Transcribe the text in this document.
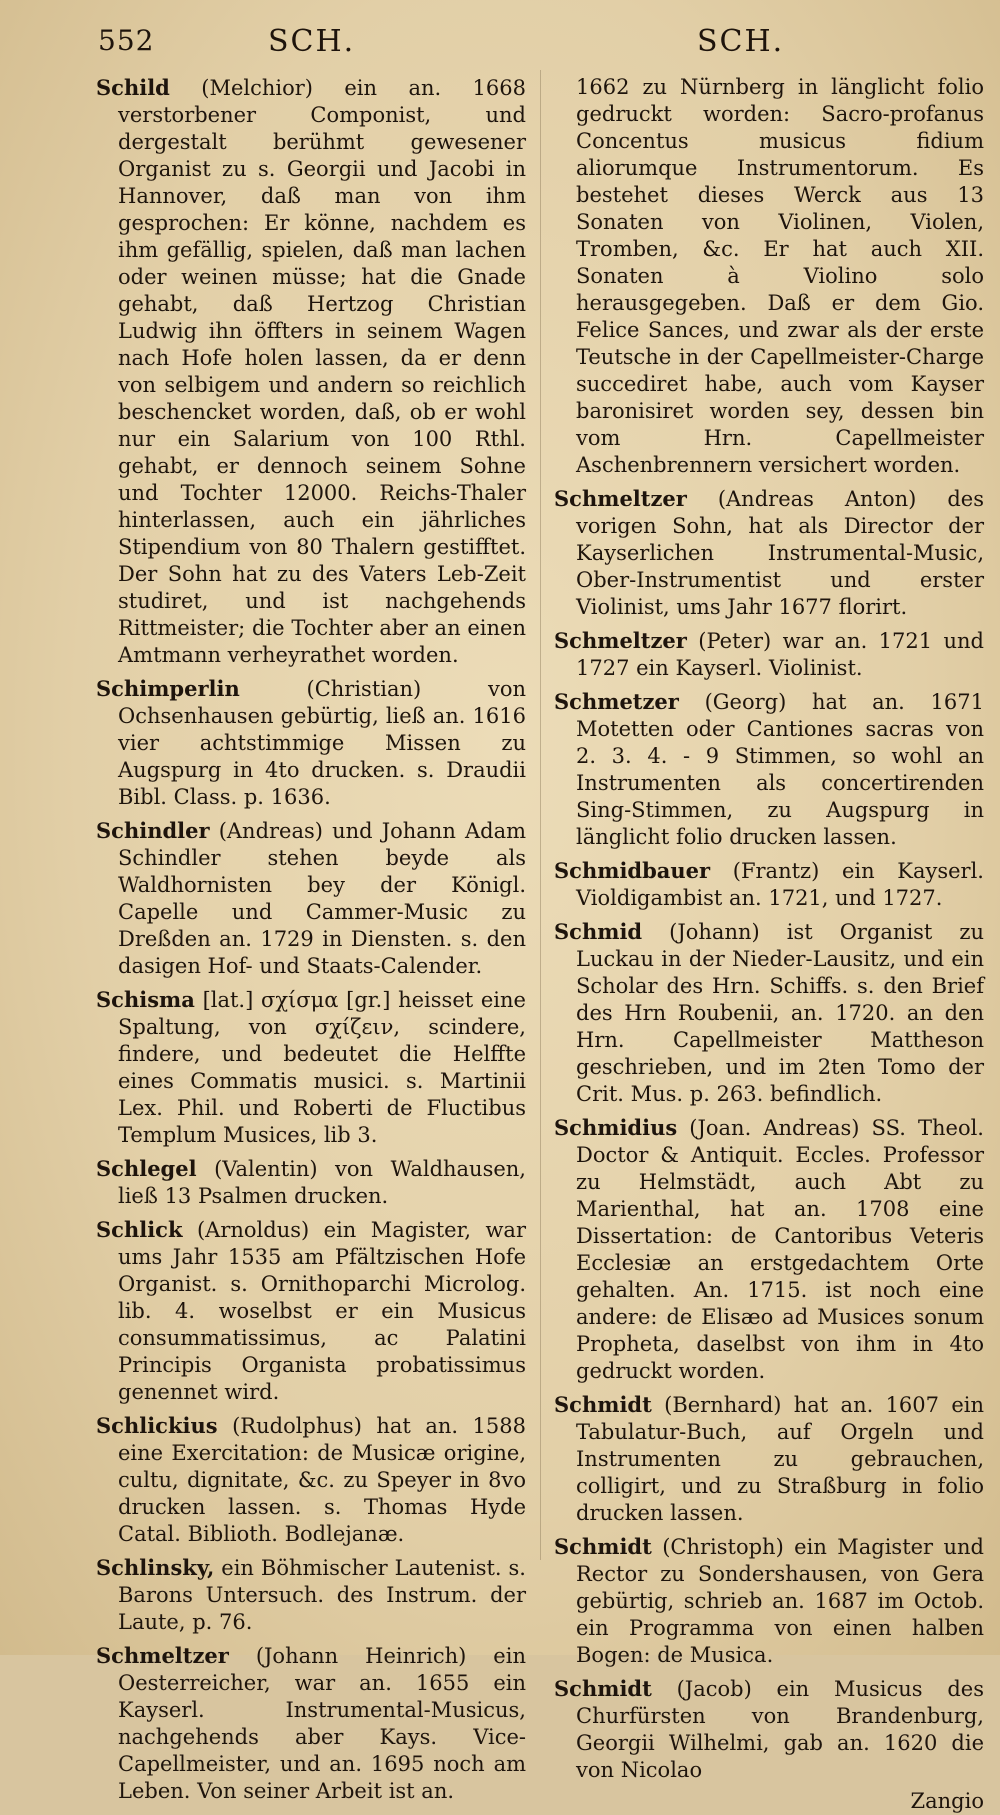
552	SCH.	SCH.

Schild (Melchior) ein an. 1668 verstorbener Componist, und dergestalt berühmt gewesener Organist zu s. Georgii und Jacobi in Hannover, daß man von ihm gesprochen: Er könne, nachdem es ihm gefällig, spielen, daß man lachen oder weinen müsse; hat die Gnade gehabt, daß Hertzog Christian Ludwig ihn öffters in seinem Wagen nach Hofe holen lassen, da er denn von selbigem und andern so reichlich beschencket worden, daß, ob er wohl nur ein Salarium von 100 Rthl. gehabt, er dennoch seinem Sohne und Tochter 12000. Reichs-Thaler hinterlassen, auch ein jährliches Stipendium von 80 Thalern gestifftet. Der Sohn hat zu des Vaters Leb-Zeit studiret, und ist nachgehends Rittmeister; die Tochter aber an einen Amtmann verheyrathet worden.

Schimperlin	(Christian) von Ochsenhausen gebürtig, ließ an. 1616 vier achtstimmige Missen zu Augspurg in 4to drucken. s. Draudii Bibl. Class. p. 1636.

Schindler (Andreas) und Johann Adam Schindler stehen beyde als Waldhornisten bey der Königl. Capelle und Cammer-Music zu Dreßden an. 1729 in Diensten. s. den dasigen Hof- und Staats-Calender.

Schisma [lat.] σχίσμα [gr.] heisset eine Spaltung, von σχίζειν, scindere, findere, und bedeutet die Helffte eines Commatis musici. s. Martinii Lex. Phil. und Roberti de Fluctibus Templum Musices, lib 3.

Schlegel (Valentin) von Waldhausen, ließ 13 Psalmen drucken.

Schlick (Arnoldus) ein Magister, war ums Jahr 1535 am Pfältzischen Hofe Organist. s. Ornithoparchi Microlog. lib. 4. woselbst er ein Musicus consummatissimus, ac Palatini Principis Organista probatissimus genennet wird.

Schlickius (Rudolphus) hat an. 1588 eine Exercitation: de Musicæ origine, cultu, dignitate, &c. zu Speyer in 8vo drucken lassen. s. Thomas Hyde Catal. Biblioth. Bodlejanæ.

Schlinsky, ein Böhmischer Lautenist. s. Barons Untersuch. des Instrum. der Laute, p. 76.

Schmeltzer (Johann Heinrich) ein Oesterreicher, war an. 1655 ein Kayserl. Instrumental-Musicus, nachgehends aber Kays. Vice-Capellmeister, und an. 1695 noch am Leben. Von seiner Arbeit ist an.

1662 zu Nürnberg in länglicht folio gedruckt worden: Sacro-profanus Concentus musicus fidium aliorumque Instrumentorum. Es bestehet dieses Werck aus 13 Sonaten von Violinen, Violen, Tromben, &c. Er hat auch XII. Sonaten à Violino solo herausgegeben. Daß er dem Gio. Felice Sances, und zwar als der erste Teutsche in der Capellmeister-Charge succediret habe, auch vom Kayser baronisiret worden sey, dessen bin vom Hrn. Capellmeister Aschenbrennern versichert worden.

Schmeltzer (Andreas Anton) des vorigen Sohn, hat als Director der Kayserlichen Instrumental-Music, Ober-Instrumentist und erster Violinist, ums Jahr 1677 florirt.

Schmeltzer (Peter) war an. 1721 und 1727 ein Kayserl. Violinist.

Schmetzer (Georg) hat an. 1671 Motetten oder Cantiones sacras von 2. 3. 4. - 9 Stimmen, so wohl an Instrumenten als concertirenden Sing-Stimmen, zu Augspurg in länglicht folio drucken lassen.

Schmidbauer (Frantz) ein Kayserl. Violdigambist an. 1721, und 1727.

Schmid (Johann) ist Organist zu Luckau in der Nieder-Lausitz, und ein Scholar des Hrn. Schiffs. s. den Brief des Hrn Roubenii, an. 1720. an den Hrn. Capellmeister Mattheson geschrieben, und im 2ten Tomo der Crit. Mus. p. 263. befindlich.

Schmidius (Joan. Andreas) SS. Theol. Doctor & Antiquit. Eccles. Professor zu Helmstädt, auch Abt zu Marienthal, hat an. 1708 eine Dissertation: de Cantoribus Veteris Ecclesiæ an erstgedachtem Orte gehalten. An. 1715. ist noch eine andere: de Elisæo ad Musices sonum Propheta, daselbst von ihm in 4to gedruckt worden.

Schmidt (Bernhard) hat an. 1607 ein Tabulatur-Buch, auf Orgeln und Instrumenten zu gebrauchen, colligirt, und zu Straßburg in folio drucken lassen.

Schmidt (Christoph) ein Magister und Rector zu Sondershausen, von Gera gebürtig, schrieb an. 1687 im Octob. ein Programma von einen halben Bogen: de Musica.

Schmidt (Jacob) ein Musicus des Churfürsten von Brandenburg, Georgii Wilhelmi, gab an. 1620 die von Nicolao

Zangio
